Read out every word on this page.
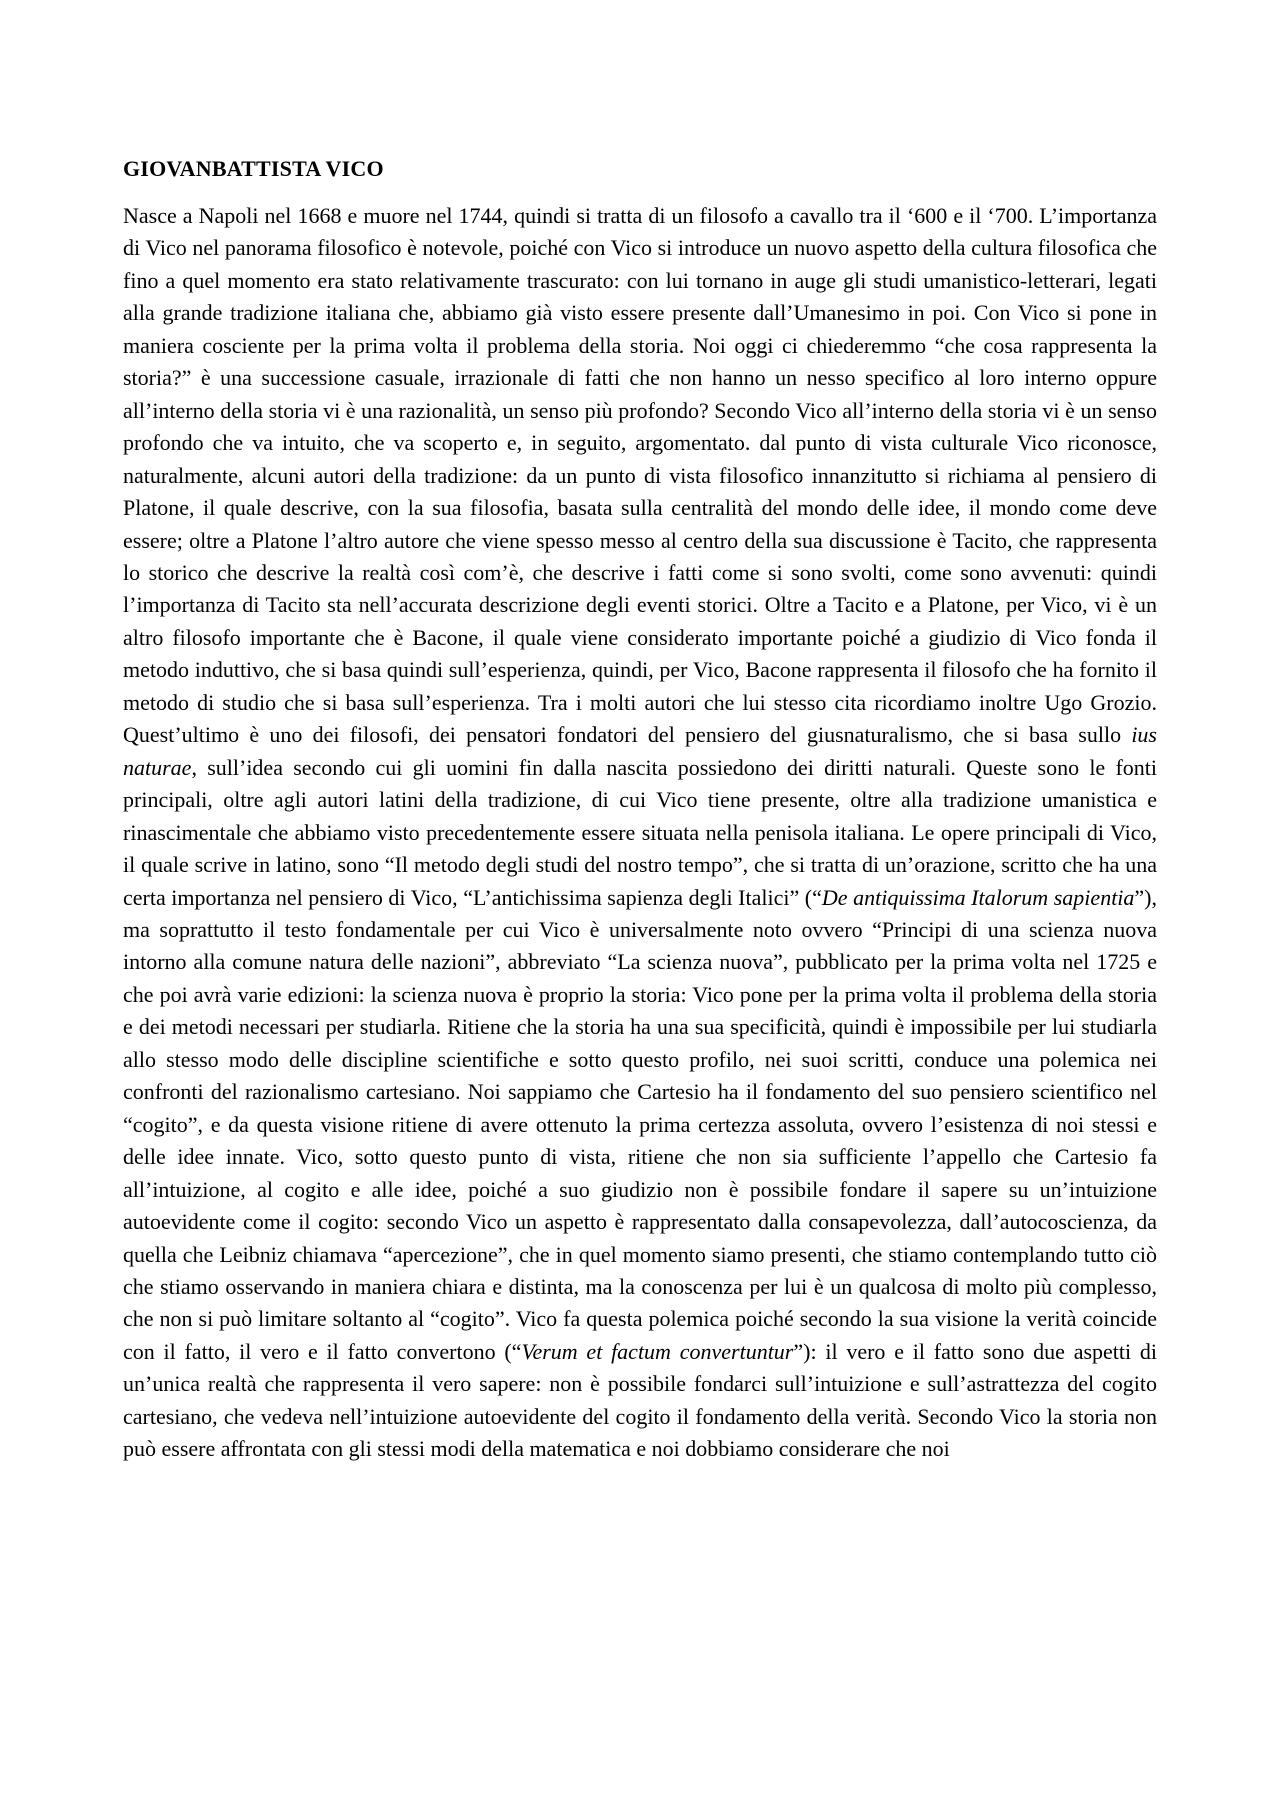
GIOVANBATTISTA VICO

Nasce a Napoli nel 1668 e muore nel 1744, quindi si tratta di un filosofo a cavallo tra il ‘600 e il ‘700. L’importanza di Vico nel panorama filosofico è notevole, poiché con Vico si introduce un nuovo aspetto della cultura filosofica che fino a quel momento era stato relativamente trascurato: con lui tornano in auge gli studi umanistico-letterari, legati alla grande tradizione italiana che, abbiamo già visto essere presente dall’Umanesimo in poi. Con Vico si pone in maniera cosciente per la prima volta il problema della storia. Noi oggi ci chiederemmo “che cosa rappresenta la storia?” è una successione casuale, irrazionale di fatti che non hanno un nesso specifico al loro interno oppure all’interno della storia vi è una razionalità, un senso più profondo? Secondo Vico all’interno della storia vi è un senso profondo che va intuito, che va scoperto e, in seguito, argomentato. dal punto di vista culturale Vico riconosce, naturalmente, alcuni autori della tradizione: da un punto di vista filosofico innanzitutto si richiama al pensiero di Platone, il quale descrive, con la sua filosofia, basata sulla centralità del mondo delle idee, il mondo come deve essere; oltre a Platone l’altro autore che viene spesso messo al centro della sua discussione è Tacito, che rappresenta lo storico che descrive la realtà così com’è, che descrive i fatti come si sono svolti, come sono avvenuti: quindi l’importanza di Tacito sta nell’accurata descrizione degli eventi storici. Oltre a Tacito e a Platone, per Vico, vi è un altro filosofo importante che è Bacone, il quale viene considerato importante poiché a giudizio di Vico fonda il metodo induttivo, che si basa quindi sull’esperienza, quindi, per Vico, Bacone rappresenta il filosofo che ha fornito il metodo di studio che si basa sull’esperienza. Tra i molti autori che lui stesso cita ricordiamo inoltre Ugo Grozio. Quest’ultimo è uno dei filosofi, dei pensatori fondatori del pensiero del giusnaturalismo, che si basa sullo ius naturae, sull’idea secondo cui gli uomini fin dalla nascita possiedono dei diritti naturali. Queste sono le fonti principali, oltre agli autori latini della tradizione, di cui Vico tiene presente, oltre alla tradizione umanistica e rinascimentale che abbiamo visto precedentemente essere situata nella penisola italiana. Le opere principali di Vico, il quale scrive in latino, sono “Il metodo degli studi del nostro tempo”, che si tratta di un’orazione, scritto che ha una certa importanza nel pensiero di Vico, “L’antichissima sapienza degli Italici” (“De antiquissima Italorum sapientia”), ma soprattutto il testo fondamentale per cui Vico è universalmente noto ovvero “Principi di una scienza nuova intorno alla comune natura delle nazioni”, abbreviato “La scienza nuova”, pubblicato per la prima volta nel 1725 e che poi avrà varie edizioni: la scienza nuova è proprio la storia: Vico pone per la prima volta il problema della storia e dei metodi necessari per studiarla. Ritiene che la storia ha una sua specificità, quindi è impossibile per lui studiarla allo stesso modo delle discipline scientifiche e sotto questo profilo, nei suoi scritti, conduce una polemica nei confronti del razionalismo cartesiano. Noi sappiamo che Cartesio ha il fondamento del suo pensiero scientifico nel “cogito”, e da questa visione ritiene di avere ottenuto la prima certezza assoluta, ovvero l’esistenza di noi stessi e delle idee innate. Vico, sotto questo punto di vista, ritiene che non sia sufficiente l’appello che Cartesio fa all’intuizione, al cogito e alle idee, poiché a suo giudizio non è possibile fondare il sapere su un’intuizione autoevidente come il cogito: secondo Vico un aspetto è rappresentato dalla consapevolezza, dall’autocoscienza, da quella che Leibniz chiamava “apercezione”, che in quel momento siamo presenti, che stiamo contemplando tutto ciò che stiamo osservando in maniera chiara e distinta, ma la conoscenza per lui è un qualcosa di molto più complesso, che non si può limitare soltanto al “cogito”. Vico fa questa polemica poiché secondo la sua visione la verità coincide con il fatto, il vero e il fatto convertono (“Verum et factum convertuntur”): il vero e il fatto sono due aspetti di un’unica realtà che rappresenta il vero sapere: non è possibile fondarci sull’intuizione e sull’astrattezza del cogito cartesiano, che vedeva nell’intuizione autoevidente del cogito il fondamento della verità. Secondo Vico la storia non può essere affrontata con gli stessi modi della matematica e noi dobbiamo considerare che noi
